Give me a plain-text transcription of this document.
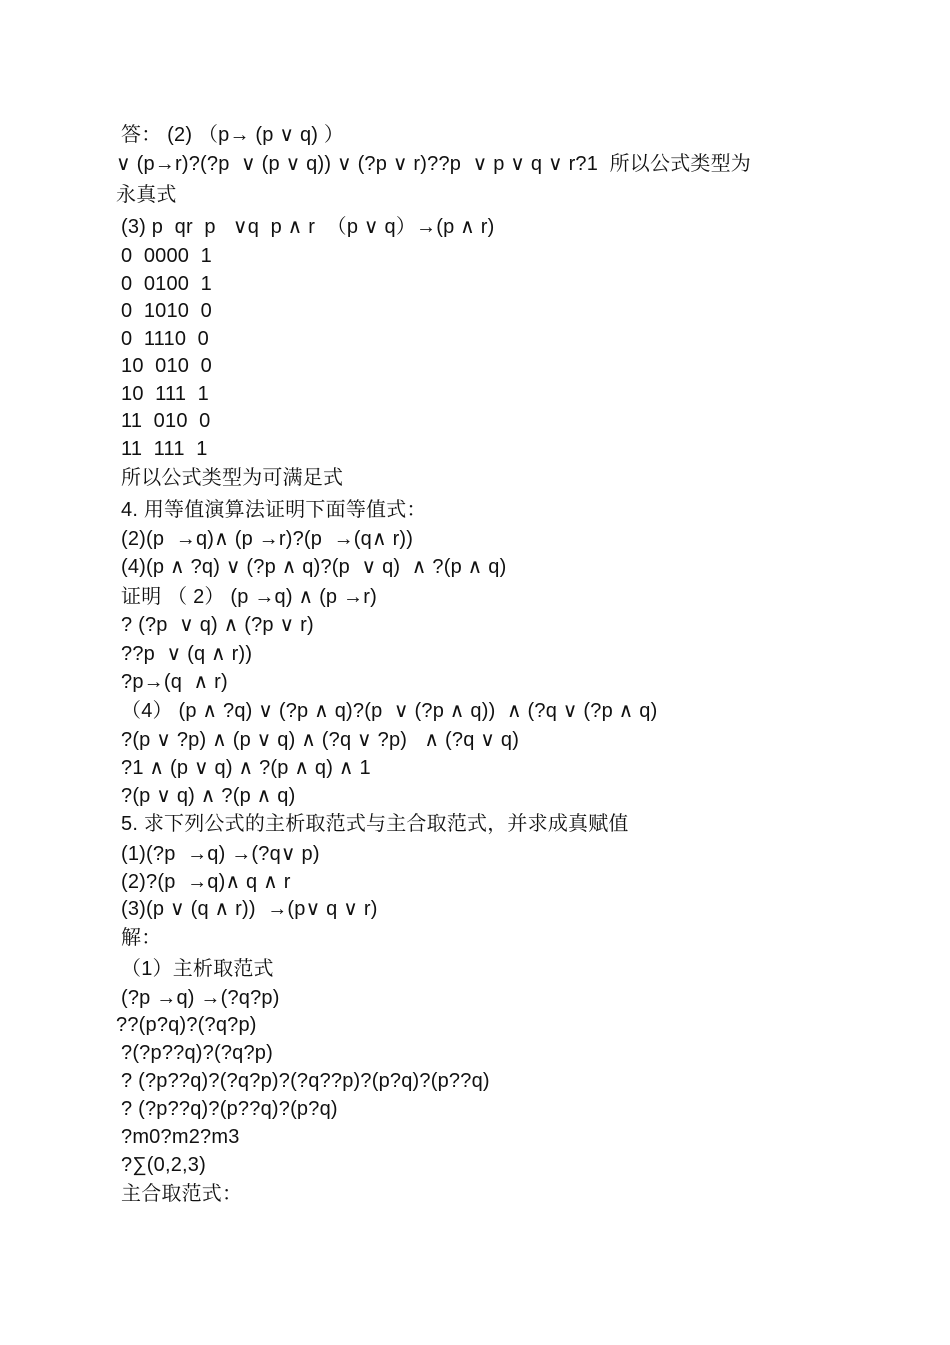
答： (2) （p→ (p ∨ q) ）
∨ (p→r)?(?p  ∨ (p ∨ q)) ∨ (?p ∨ r)??p  ∨ p ∨ q ∨ r?1  所以公式类型为
永真式
(3) p  qr  p   ∨q  p ∧ r  （p ∨ q）→(p ∧ r)
0  0000  1
0  0100  1
0  1010  0
0  1110  0
10  010  0
10  111  1
11  010  0
11  111  1
所以公式类型为可满足式
4. 用等值演算法证明下面等值式：
(2)(p  →q)∧ (p →r)?(p  →(q∧ r))
(4)(p ∧ ?q) ∨ (?p ∧ q)?(p  ∨ q)  ∧ ?(p ∧ q)
证明 （ 2） (p →q) ∧ (p →r)
? (?p  ∨ q) ∧ (?p ∨ r)
??p  ∨ (q ∧ r))
?p→(q  ∧ r)
（4） (p ∧ ?q) ∨ (?p ∧ q)?(p  ∨ (?p ∧ q))  ∧ (?q ∨ (?p ∧ q)
?(p ∨ ?p) ∧ (p ∨ q) ∧ (?q ∨ ?p)   ∧ (?q ∨ q)
?1 ∧ (p ∨ q) ∧ ?(p ∧ q) ∧ 1
?(p ∨ q) ∧ ?(p ∧ q)
5. 求下列公式的主析取范式与主合取范式，并求成真赋值
(1)(?p  →q) →(?q∨ p)
(2)?(p  →q)∧ q ∧ r
(3)(p ∨ (q ∧ r))  →(p∨ q ∨ r)
解：
（1）主析取范式
(?p →q) →(?q?p)
??(p?q)?(?q?p)
?(?p??q)?(?q?p)
? (?p??q)?(?q?p)?(?q??p)?(p?q)?(p??q)
? (?p??q)?(p??q)?(p?q)
?m0?m2?m3
?∑(0,2,3)
主合取范式：
